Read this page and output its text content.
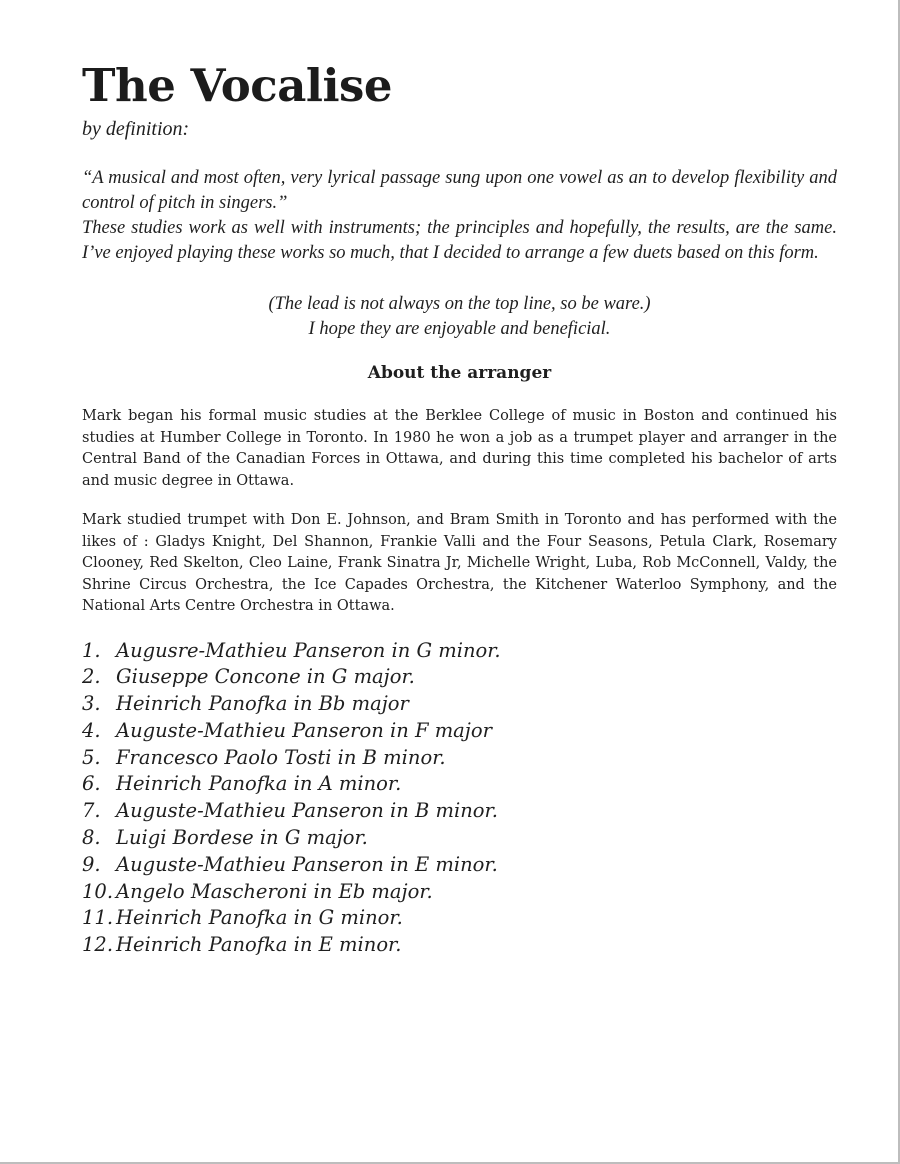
The Vocalise
by definition:

“A musical and most often, very lyrical passage sung upon one vowel as an to develop flexibility and control of pitch in singers.”

These studies work as well with instruments; the principles and hopefully, the results, are the same. I’ve enjoyed playing these works so much, that I decided to arrange a few duets based on this form.

(The lead is not always on the top line, so be ware.)

I hope they are enjoyable and beneficial.

About the arranger

Mark began his formal music studies at the Berklee College of music in Boston and continued his studies at Humber College in Toronto. In 1980 he won a job as a trumpet player and arranger in the Central Band of the Canadian Forces in Ottawa, and during this time completed his bachelor of arts and music degree in Ottawa.

Mark studied trumpet with Don E. Johnson, and Bram Smith in Toronto and has performed with the likes of : Gladys Knight, Del Shannon, Frankie Valli and the Four Seasons, Petula Clark, Rosemary Clooney, Red Skelton, Cleo Laine, Frank Sinatra Jr, Michelle Wright, Luba, Rob McConnell, Valdy, the Shrine Circus Orchestra, the Ice Capades Orchestra, the Kitchener Waterloo Symphony, and the National Arts Centre Orchestra in Ottawa.

1. Augusre-Mathieu Panseron in G minor.
2. Giuseppe Concone in G major.
3. Heinrich Panofka in Bb major
4. Auguste-Mathieu Panseron in F major
5. Francesco Paolo Tosti in B minor.
6. Heinrich Panofka in A minor.
7. Auguste-Mathieu Panseron in B minor.
8. Luigi Bordese in G major.
9. Auguste-Mathieu Panseron in E minor.
10. Angelo Mascheroni in Eb major.
11. Heinrich Panofka in G minor.
12. Heinrich Panofka in E minor.
